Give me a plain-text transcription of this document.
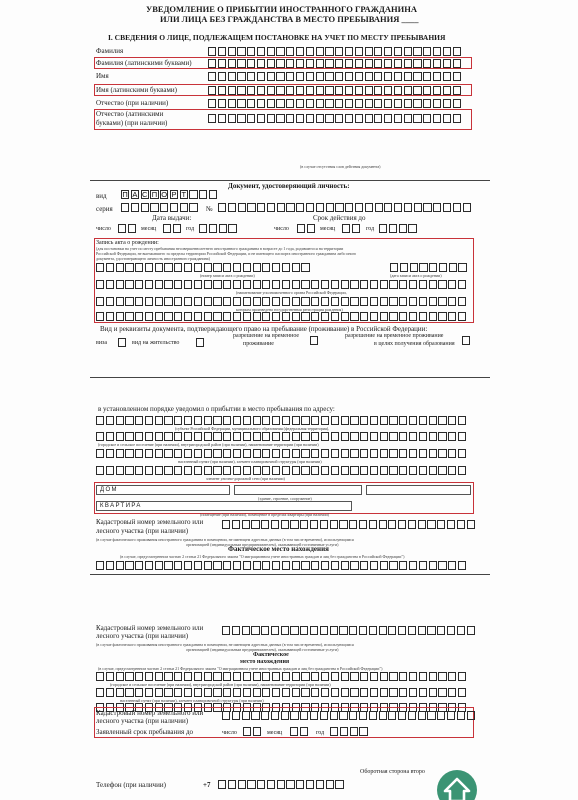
УВЕДОМЛЕНИЕ О ПРИБЫТИИ ИНОСТРАННОГО ГРАЖДАНИНА
ИЛИ ЛИЦА БЕЗ ГРАЖДАНСТВА В МЕСТО ПРЕБЫВАНИЯ ____
I. СВЕДЕНИЯ О ЛИЦЕ, ПОДЛЕЖАЩЕМ ПОСТАНОВКЕ НА УЧЕТ ПО МЕСТУ ПРЕБЫВАНИЯ
Фамилия
Фамилия (латинскими буквами)
Имя
Имя (латинскими буквами)
Отчество (при наличии)
Отчество (латинскими
буквами) (при наличии)
(в случае отсутствия слов действия документа)
Документ, удостоверяющий личность:
вид П А С П О Р Т
серия	№
Дата выдачи:	Срок действия до
число	месяц	год	число	месяц	год
Запись акта о рождении:
(для постановки на учет по месту пребывания несовершеннолетнего иностранного гражданина в возрасте до 1 года, родившегося на территории
Российской Федерации, не выезжавшего за пределы территории Российской Федерации, и не имеющего паспорта иностранного гражданина либо иного
документа, удостоверяющего личность иностранного гражданина)
(номер записи акта о рождении)	(дата записи акта о рождении)
(наименование уполномоченного органа Российской Федерации,
которым произведена государственная регистрация рождения)
Вид и реквизиты документа, подтверждающего право на пребывание (проживание) в Российской Федерации:
виза	вид на жительство
разрешение на временное
проживание
разрешение на временное проживание
в целях получения образования
в установленном порядке уведомил о прибытии в место пребывания по адресу:
(субъект Российской Федерации, муниципального образования (федеральная территория),
(городское и сельское поселение (при наличии), внутригородской район (при наличии), наименование территории (при наличии)
населенный пункт (при наличии), элемент планировочной структуры (при наличии)
элемент улично-дорожной сети (при наличии)
ДОМ
(здание, строение, сооружение)
КВАРТИРА
(помещение (при наличии), помещение в пределах квартиры (при наличии)
Кадастровый номер земельного или
лесного участка (при наличии)
(в случае фактического проживания иностранного гражданина в помещении, не имеющем адресных данных (в том числе временно), использующимся
организацией (индивидуальным предпринимателем), оказывающей гостиничные услуги)
Фактическое место нахождения
(в случае, предусмотренном частью 2 статьи 21 Федерального закона "О миграционном учете иностранных граждан и лиц без гражданства в Российской Федерации")
Кадастровый номер земельного или
лесного участка (при наличии)
(в случае фактического проживания иностранного гражданина в помещении, не имеющем адресных данных (в том числе временно), использующимся
организацией (индивидуальным предпринимателем), оказывающей гостиничные услуги)
Фактическое
место нахождения
(в случае, предусмотренном частью 2 статьи 21 Федерального закона "О миграционном учете иностранных граждан и лиц без гражданства в Российской Федерации")
(городское и сельское поселение (при наличии), внутригородской район (при наличии), наименование территории (при наличии)
населенный пункт (при наличии), элемент планировочной структуры (при наличии)
Кадастровый номер земельного или
лесного участка (при наличии)
Заявленный срок пребывания до	число	месяц	год
Оборотная сторона второ
Телефон (при наличии)	+7
